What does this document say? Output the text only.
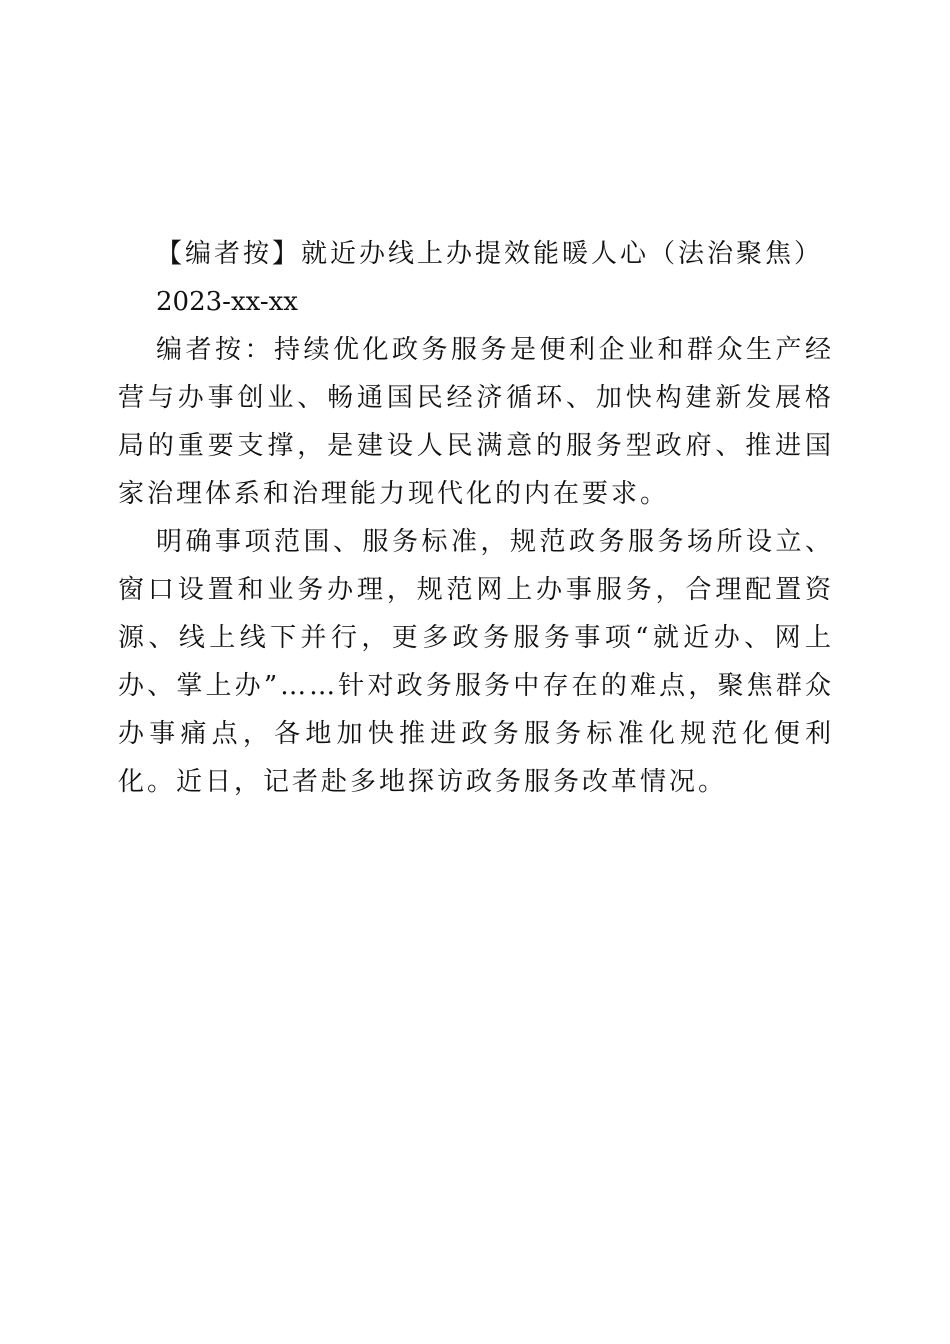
【编者按】就近办线上办提效能暖人心（法治聚焦）

2023-xx-xx

编者按：持续优化政务服务是便利企业和群众生产经营与办事创业、畅通国民经济循环、加快构建新发展格局的重要支撑，是建设人民满意的服务型政府、推进国家治理体系和治理能力现代化的内在要求。

明确事项范围、服务标准，规范政务服务场所设立、窗口设置和业务办理，规范网上办事服务，合理配置资源、线上线下并行，更多政务服务事项“就近办、网上办、掌上办”……针对政务服务中存在的难点，聚焦群众办事痛点，各地加快推进政务服务标准化规范化便利化。近日，记者赴多地探访政务服务改革情况。
